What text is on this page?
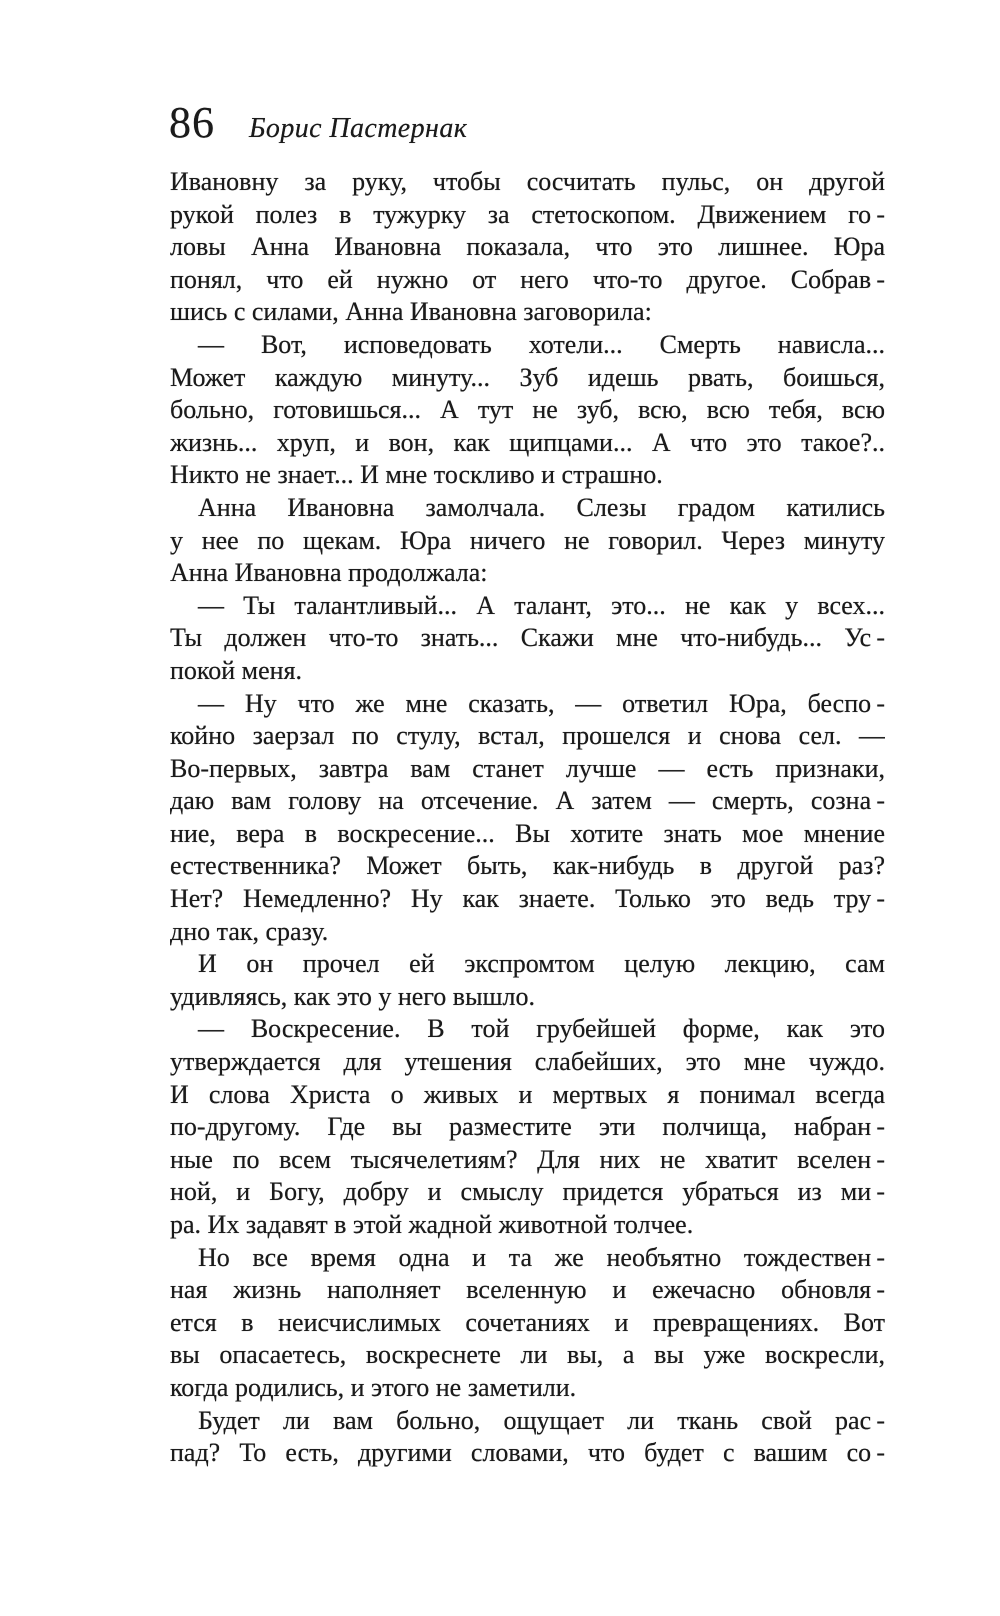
86 Борис Пастернак
Ивановну за руку, чтобы сосчитать пульс, он другой
рукой полез в тужурку за стетоскопом. Движением го -
ловы Анна Ивановна показала, что это лишнее. Юра
понял, что ей нужно от него что-то другое. Собрав -
шись с силами, Анна Ивановна заговорила:
— Вот, исповедовать хотели... Смерть нависла...
Может каждую минуту... Зуб идешь рвать, боишься,
больно, готовишься... А тут не зуб, всю, всю тебя, всю
жизнь... хруп, и вон, как щипцами... А что это такое?..
Никто не знает... И мне тоскливо и страшно.
Анна Ивановна замолчала. Слезы градом катились
у нее по щекам. Юра ничего не говорил. Через минуту
Анна Ивановна продолжала:
— Ты талантливый... А талант, это... не как у всех...
Ты должен что-то знать... Скажи мне что-нибудь... Ус -
покой меня.
— Ну что же мне сказать, — ответил Юра, беспо -
койно заерзал по стулу, встал, прошелся и снова сел. —
Во-первых, завтра вам станет лучше — есть признаки,
даю вам голову на отсечение. А затем — смерть, созна -
ние, вера в воскресение... Вы хотите знать мое мнение
естественника? Может быть, как-нибудь в другой раз?
Нет? Немедленно? Ну как знаете. Только это ведь тру -
дно так, сразу.
И он прочел ей экспромтом целую лекцию, сам
удивляясь, как это у него вышло.
— Воскресение. В той грубейшей форме, как это
утверждается для утешения слабейших, это мне чуждо.
И слова Христа о живых и мертвых я понимал всегда
по-другому. Где вы разместите эти полчища, набран -
ные по всем тысячелетиям? Для них не хватит вселен -
ной, и Богу, добру и смыслу придется убраться из ми -
ра. Их задавят в этой жадной животной толчее.
Но все время одна и та же необъятно тождествен -
ная жизнь наполняет вселенную и ежечасно обновля -
ется в неисчислимых сочетаниях и превращениях. Вот
вы опасаетесь, воскреснете ли вы, а вы уже воскресли,
когда родились, и этого не заметили.
Будет ли вам больно, ощущает ли ткань свой рас -
пад? То есть, другими словами, что будет с вашим со -
